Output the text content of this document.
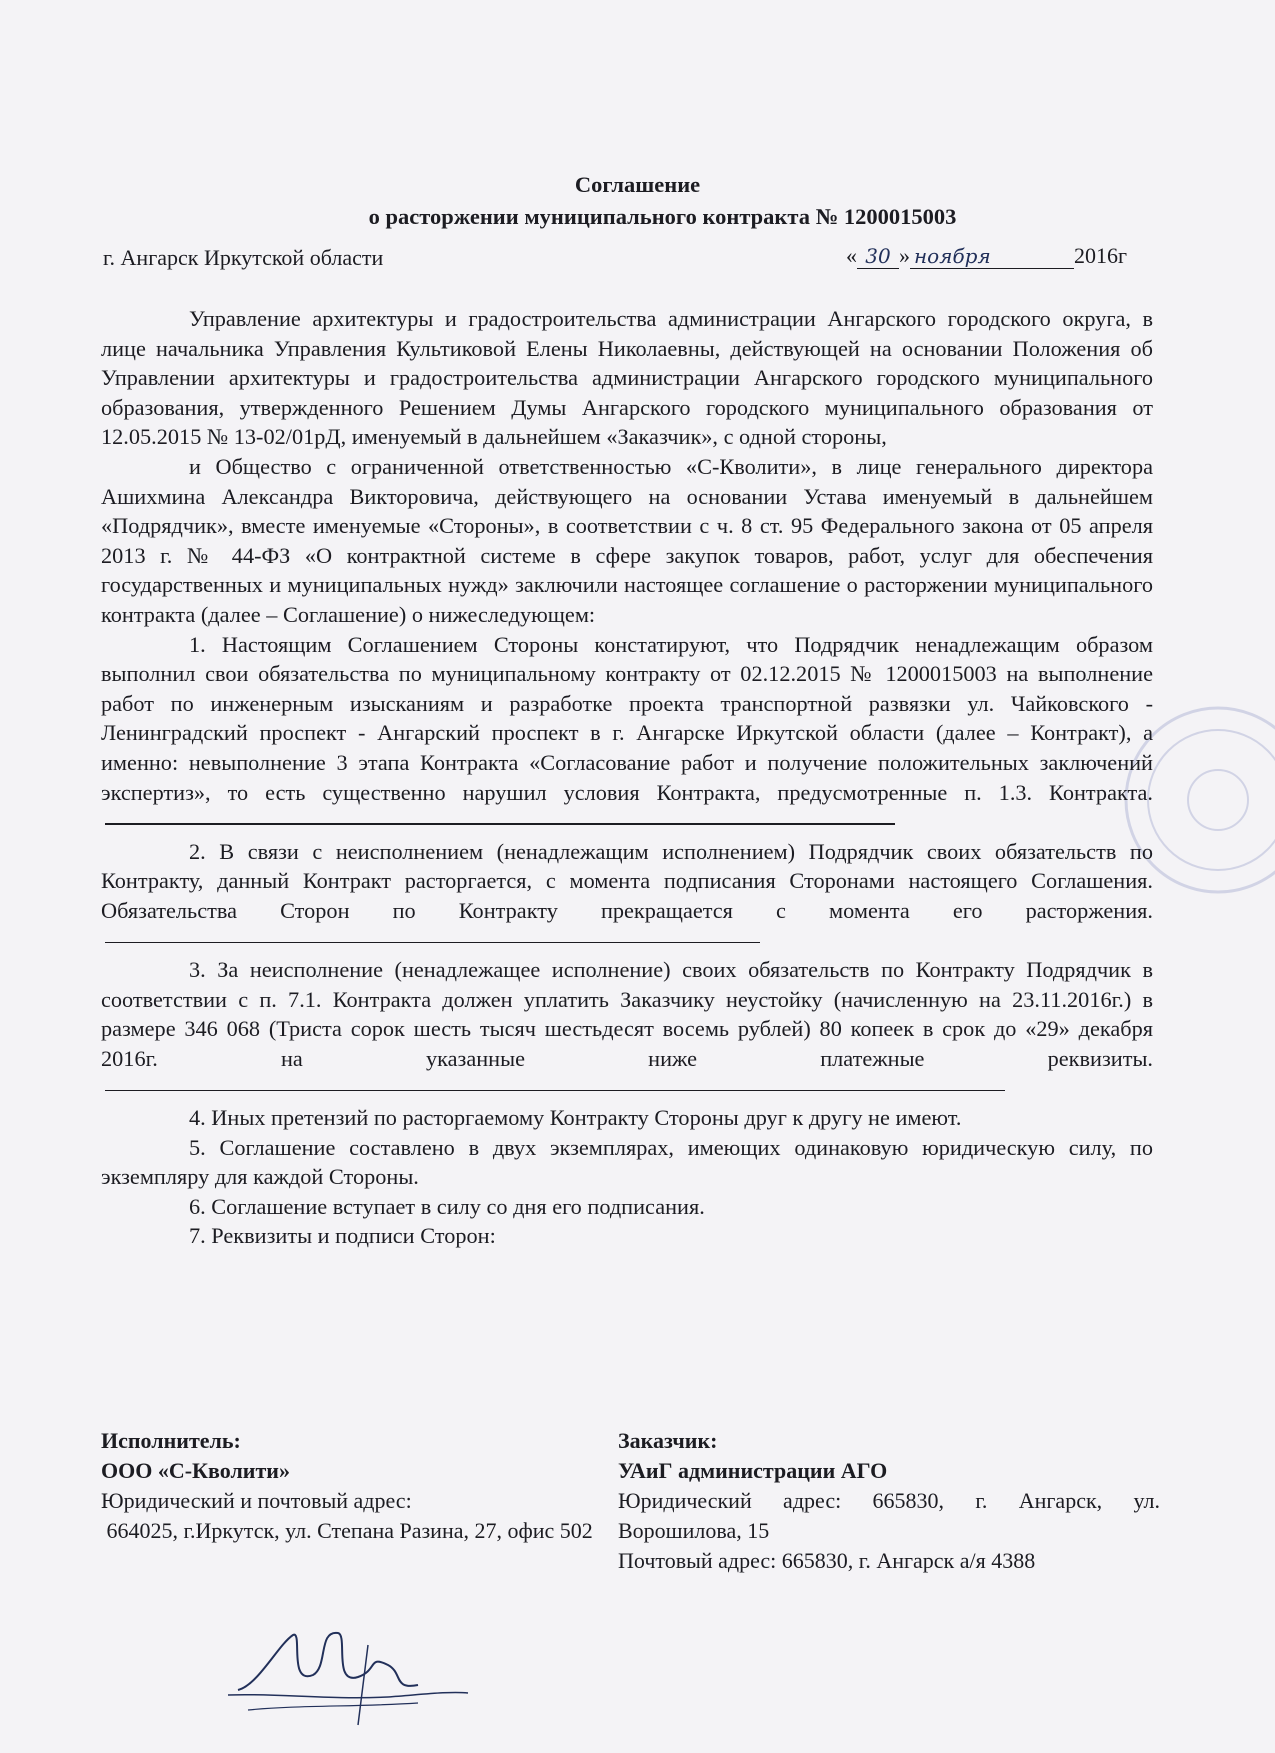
Соглашение
о расторжении муниципального контракта № 1200015003
г. Ангарск Иркутской области	« 30 » ноября	2016г

Управление архитектуры и градостроительства администрации Ангарского городского округа, в лице начальника Управления Культиковой Елены Николаевны, действующей на основании Положения об Управлении архитектуры и градостроительства администрации Ангарского городского муниципального образования, утвержденного Решением Думы Ангарского городского муниципального образования от 12.05.2015 № 13-02/01рД, именуемый в дальнейшем «Заказчик», с одной стороны,

и Общество с ограниченной ответственностью «С-Кволити», в лице генерального директора Ашихмина Александра Викторовича, действующего на основании Устава именуемый в дальнейшем «Подрядчик», вместе именуемые «Стороны», в соответствии с ч. 8 ст. 95 Федерального закона от 05 апреля 2013 г. № 44-ФЗ «О контрактной системе в сфере закупок товаров, работ, услуг для обеспечения государственных и муниципальных нужд» заключили настоящее соглашение о расторжении муниципального контракта (далее – Соглашение) о нижеследующем:

1. Настоящим Соглашением Стороны констатируют, что Подрядчик ненадлежащим образом выполнил свои обязательства по муниципальному контракту от 02.12.2015 № 1200015003 на выполнение работ по инженерным изысканиям и разработке проекта транспортной развязки ул. Чайковского - Ленинградский проспект - Ангарский проспект в г. Ангарске Иркутской области (далее – Контракт), а именно: невыполнение 3 этапа Контракта «Согласование работ и получение положительных заключений экспертиз», то есть существенно нарушил условия Контракта, предусмотренные п. 1.3. Контракта.

2. В связи с неисполнением (ненадлежащим исполнением) Подрядчик своих обязательств по Контракту, данный Контракт расторгается, с момента подписания Сторонами настоящего Соглашения. Обязательства Сторон по Контракту прекращается с момента его расторжения.

3. За неисполнение (ненадлежащее исполнение) своих обязательств по Контракту Подрядчик в соответствии с п. 7.1. Контракта должен уплатить Заказчику неустойку (начисленную на 23.11.2016г.) в размере 346 068 (Триста сорок шесть тысяч шестьдесят восемь рублей) 80 копеек в срок до «29» декабря 2016г. на указанные ниже платежные реквизиты.

4. Иных претензий по расторгаемому Контракту Стороны друг к другу не имеют.

5. Соглашение составлено в двух экземплярах, имеющих одинаковую юридическую силу, по экземпляру для каждой Стороны.

6. Соглашение вступает в силу со дня его подписания.

7. Реквизиты и подписи Сторон:

Исполнитель:
ООО «С-Кволити»
Юридический и почтовый адрес:
664025, г.Иркутск, ул. Степана Разина, 27, офис 502
Заказчик:
УАиГ администрации АГО
Юридический адрес: 665830, г. Ангарск, ул. Ворошилова, 15
Почтовый адрес: 665830, г. Ангарск а/я 4388
